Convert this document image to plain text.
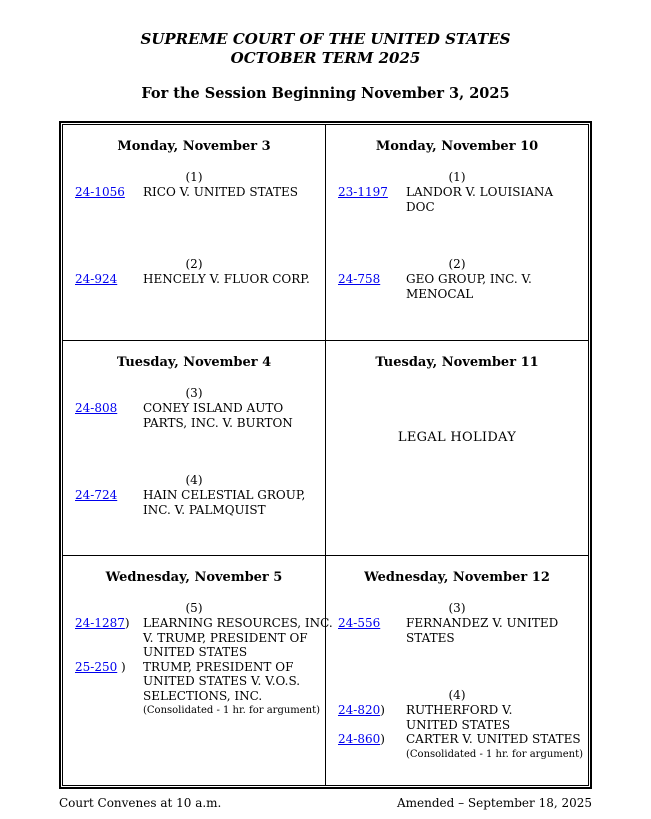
SUPREME COURT OF THE UNITED STATES
OCTOBER TERM 2025
For the Session Beginning November 3, 2025
Monday, November 3
(1)
24-1056	RICO V. UNITED STATES
(2)
24-924	HENCELY V. FLUOR CORP.

Monday, November 10
(1)
23-1197	LANDOR V. LOUISIANA
DOC
(2)
24-758	GEO GROUP, INC. V.
MENOCAL

Tuesday, November 4
(3)
24-808	CONEY ISLAND AUTO
PARTS, INC. V. BURTON
(4)
24-724	HAIN CELESTIAL GROUP,
INC. V. PALMQUIST

Tuesday, November 11
LEGAL HOLIDAY

Wednesday, November 5
(5)
24-1287)	LEARNING RESOURCES, INC.
V. TRUMP, PRESIDENT OF
UNITED STATES
25-250 )	TRUMP, PRESIDENT OF
UNITED STATES V. V.O.S.
SELECTIONS, INC.
(Consolidated - 1 hr. for argument)

Wednesday, November 12
(3)
24-556	FERNANDEZ V. UNITED
STATES
(4)
24-820)	RUTHERFORD V.
UNITED STATES
24-860)	CARTER V. UNITED STATES
(Consolidated - 1 hr. for argument)
Court Convenes at 10 a.m.	Amended – September 18, 2025
